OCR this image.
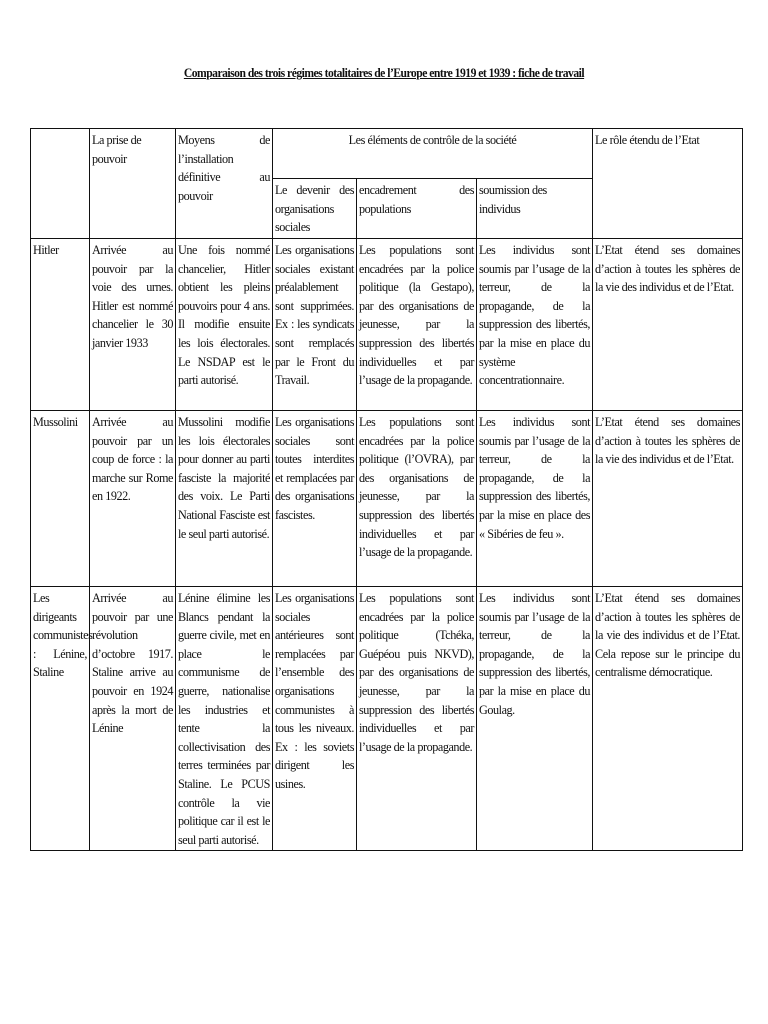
Comparaison des trois régimes totalitaires de l’Europe entre 1919 et 1939 : fiche de travail
	La prise de pouvoir	Moyens de l’installation définitive au pouvoir	Les éléments de contrôle de la société			Le rôle étendu de l’Etat
			Le devenir des organisations sociales	encadrement des populations	soumission des individus	
Hitler	Arrivée au pouvoir par la voie des urnes. Hitler est nommé chancelier le 30 janvier 1933	Une fois nommé chancelier, Hitler obtient les pleins pouvoirs pour 4 ans. Il modifie ensuite les lois électorales. Le NSDAP est le parti autorisé.	Les organisations sociales existant préalablement sont supprimées. Ex : les syndicats sont remplacés par le Front du Travail.	Les populations sont encadrées par la police politique (la Gestapo), par des organisations de jeunesse, par la suppression des libertés individuelles et par l’usage de la propagande.	Les individus sont soumis par l’usage de la terreur, de la propagande, de la suppression des libertés, par la mise en place du système concentrationnaire.	L’Etat étend ses domaines d’action à toutes les sphères de la vie des individus et de l’Etat.
Mussolini	Arrivée au pouvoir par un coup de force : la marche sur Rome en 1922.	Mussolini modifie les lois électorales pour donner au parti fasciste la majorité des voix. Le Parti National Fasciste est le seul parti autorisé.	Les organisations sociales sont toutes interdites et remplacées par des organisations fascistes.	Les populations sont encadrées par la police politique (l’OVRA), par des organisations de jeunesse, par la suppression des libertés individuelles et par l’usage de la propagande.	Les individus sont soumis par l’usage de la terreur, de la propagande, de la suppression des libertés, par la mise en place des « Sibéries de feu ».	L’Etat étend ses domaines d’action à toutes les sphères de la vie des individus et de l’Etat.
Les dirigeants communistes : Lénine, Staline	Arrivée au pouvoir par une révolution d’octobre 1917. Staline arrive au pouvoir en 1924 après la mort de Lénine	Lénine élimine les Blancs pendant la guerre civile, met en place le communisme de guerre, nationalise les industries et tente la collectivisation des terres terminées par Staline. Le PCUS contrôle la vie politique car il est le seul parti autorisé.	Les organisations sociales antérieures sont remplacées par l’ensemble des organisations communistes à tous les niveaux. Ex : les soviets dirigent les usines.	Les populations sont encadrées par la police politique (Tchéka, Guépéou puis NKVD), par des organisations de jeunesse, par la suppression des libertés individuelles et par l’usage de la propagande.	Les individus sont soumis par l’usage de la terreur, de la propagande, de la suppression des libertés, par la mise en place du Goulag.	L’Etat étend ses domaines d’action à toutes les sphères de la vie des individus et de l’Etat. Cela repose sur le principe du centralisme démocratique.
